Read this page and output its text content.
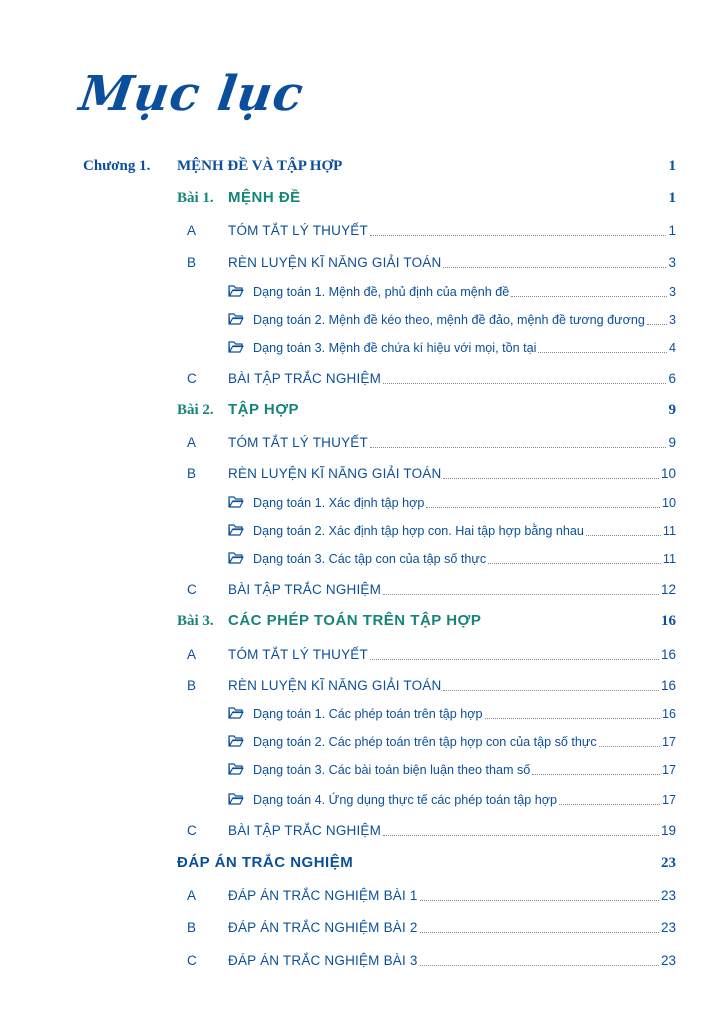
Mục lục
Chương 1. MỆNH ĐỀ VÀ TẬP HỢP	1
Bài 1. MỆNH ĐỀ	1
A TÓM TẮT LÝ THUYẾT	1
B RÈN LUYỆN KĨ NĂNG GIẢI TOÁN	3
Dạng toán 1. Mệnh đề, phủ định của mệnh đề	3
Dạng toán 2. Mệnh đề kéo theo, mệnh đề đảo, mệnh đề tương đương 3
Dạng toán 3. Mệnh đề chứa kí hiệu với mọi, tồn tại	4
C BÀI TẬP TRẮC NGHIỆM	6
Bài 2. TẬP HỢP	9
A TÓM TẮT LÝ THUYẾT	9
B RÈN LUYỆN KĨ NĂNG GIẢI TOÁN	10
Dạng toán 1. Xác định tập hợp	10
Dạng toán 2. Xác định tập hợp con. Hai tập hợp bằng nhau	11
Dạng toán 3. Các tập con của tập số thực	11
C BÀI TẬP TRẮC NGHIỆM	12
Bài 3. CÁC PHÉP TOÁN TRÊN TẬP HỢP	16
A TÓM TẮT LÝ THUYẾT	16
B RÈN LUYỆN KĨ NĂNG GIẢI TOÁN	16
Dạng toán 1. Các phép toán trên tập hợp	16
Dạng toán 2. Các phép toán trên tập hợp con của tập số thực	17
Dạng toán 3. Các bài toán biện luận theo tham số	17
Dạng toán 4. Ứng dụng thực tế các phép toán tập hợp	17
C BÀI TẬP TRẮC NGHIỆM	19
ĐÁP ÁN TRẮC NGHIỆM	23
A ĐÁP ÁN TRẮC NGHIỆM BÀI 1	23
B ĐÁP ÁN TRẮC NGHIỆM BÀI 2	23
C ĐÁP ÁN TRẮC NGHIỆM BÀI 3	23
